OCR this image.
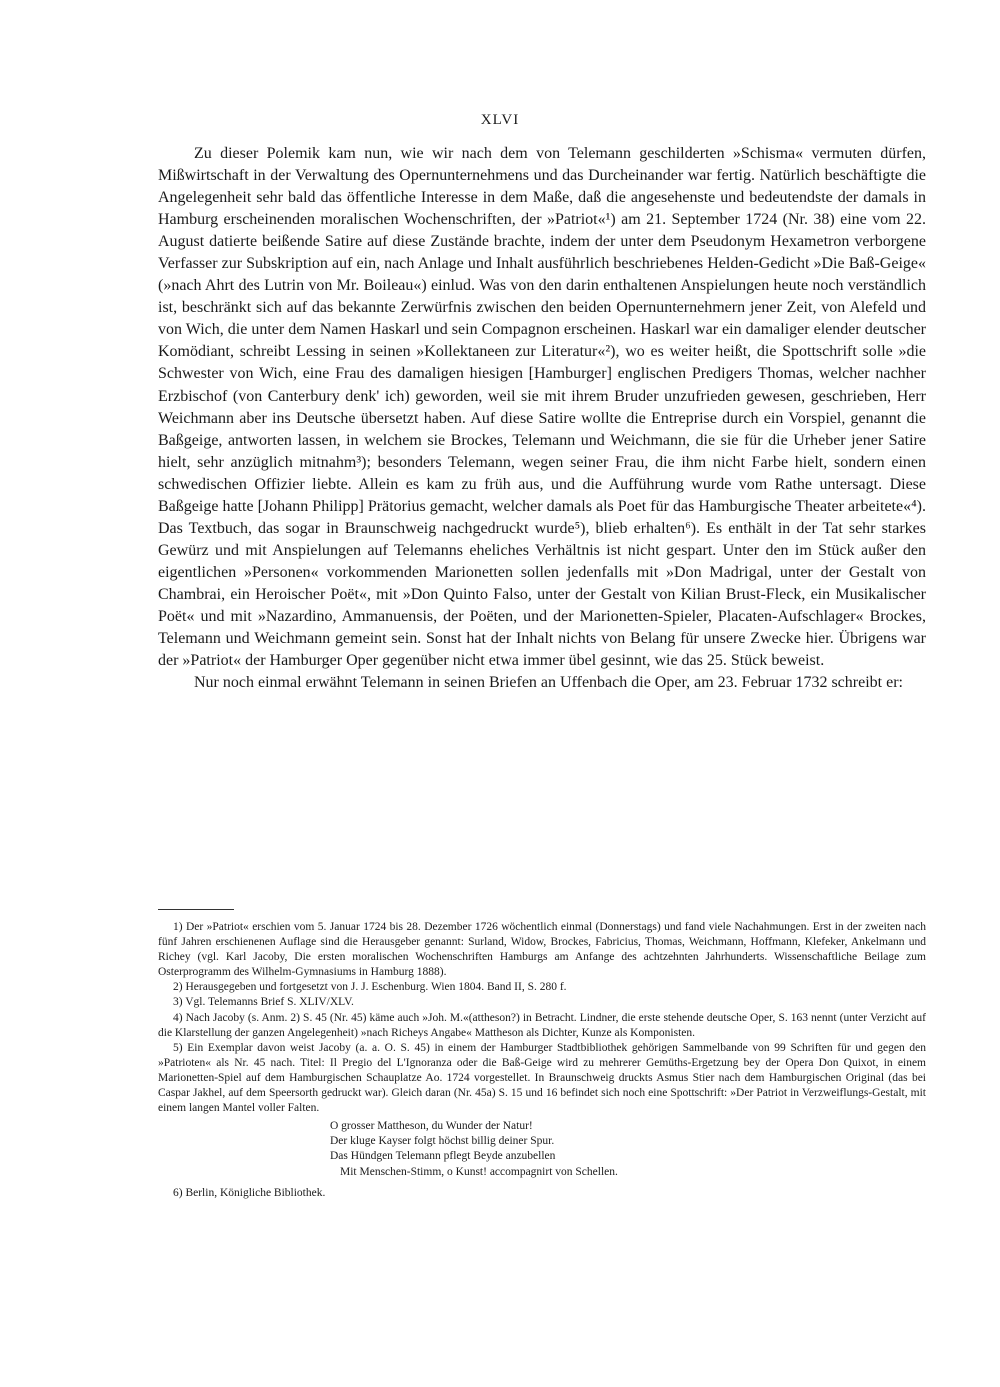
XLVI

Zu dieser Polemik kam nun, wie wir nach dem von Telemann geschilderten »Schisma« vermuten dürfen, Mißwirtschaft in der Verwaltung des Opernunternehmens und das Durcheinander war fertig. Natürlich beschäftigte die Angelegenheit sehr bald das öffentliche Interesse in dem Maße, daß die angesehenste und bedeutendste der damals in Hamburg erscheinenden moralischen Wochenschriften, der »Patriot«¹) am 21. September 1724 (Nr. 38) eine vom 22. August datierte beißende Satire auf diese Zustände brachte, indem der unter dem Pseudonym Hexametron verborgene Verfasser zur Subskription auf ein, nach Anlage und Inhalt ausführlich beschriebenes Helden-Gedicht »Die Baß-Geige« (»nach Ahrt des Lutrin von Mr. Boileau«) einlud. Was von den darin enthaltenen Anspielungen heute noch verständlich ist, beschränkt sich auf das bekannte Zerwürfnis zwischen den beiden Opernunternehmern jener Zeit, von Alefeld und von Wich, die unter dem Namen Haskarl und sein Compagnon erscheinen. Haskarl war ein damaliger elender deutscher Komödiant, schreibt Lessing in seinen »Kollektaneen zur Literatur«²), wo es weiter heißt, die Spottschrift solle »die Schwester von Wich, eine Frau des damaligen hiesigen [Hamburger] englischen Predigers Thomas, welcher nachher Erzbischof (von Canterbury denk' ich) geworden, weil sie mit ihrem Bruder unzufrieden gewesen, geschrieben, Herr Weichmann aber ins Deutsche übersetzt haben. Auf diese Satire wollte die Entreprise durch ein Vorspiel, genannt die Baßgeige, antworten lassen, in welchem sie Brockes, Telemann und Weichmann, die sie für die Urheber jener Satire hielt, sehr anzüglich mitnahm³); besonders Telemann, wegen seiner Frau, die ihm nicht Farbe hielt, sondern einen schwedischen Offizier liebte. Allein es kam zu früh aus, und die Aufführung wurde vom Rathe untersagt. Diese Baßgeige hatte [Johann Philipp] Prätorius gemacht, welcher damals als Poet für das Hamburgische Theater arbeitete«⁴). Das Textbuch, das sogar in Braunschweig nachgedruckt wurde⁵), blieb erhalten⁶). Es enthält in der Tat sehr starkes Gewürz und mit Anspielungen auf Telemanns eheliches Verhältnis ist nicht gespart. Unter den im Stück außer den eigentlichen »Personen« vorkommenden Marionetten sollen jedenfalls mit »Don Madrigal, unter der Gestalt von Chambrai, ein Heroischer Poët«, mit »Don Quinto Falso, unter der Gestalt von Kilian Brust-Fleck, ein Musikalischer Poët« und mit »Nazardino, Ammanuensis, der Poëten, und der Marionetten-Spieler, Placaten-Aufschlager« Brockes, Telemann und Weichmann gemeint sein. Sonst hat der Inhalt nichts von Belang für unsere Zwecke hier. Übrigens war der »Patriot« der Hamburger Oper gegenüber nicht etwa immer übel gesinnt, wie das 25. Stück beweist.

Nur noch einmal erwähnt Telemann in seinen Briefen an Uffenbach die Oper, am 23. Februar 1732 schreibt er:

1) Der »Patriot« erschien vom 5. Januar 1724 bis 28. Dezember 1726 wöchentlich einmal (Donnerstags) und fand viele Nachahmungen. Erst in der zweiten nach fünf Jahren erschienenen Auflage sind die Herausgeber genannt: Surland, Widow, Brockes, Fabricius, Thomas, Weichmann, Hoffmann, Klefeker, Ankelmann und Richey (vgl. Karl Jacoby, Die ersten moralischen Wochenschriften Hamburgs am Anfange des achtzehnten Jahrhunderts. Wissenschaftliche Beilage zum Osterprogramm des Wilhelm-Gymnasiums in Hamburg 1888).

2) Herausgegeben und fortgesetzt von J. J. Eschenburg. Wien 1804. Band II, S. 280 f.

3) Vgl. Telemanns Brief S. XLIV/XLV.

4) Nach Jacoby (s. Anm. 2) S. 45 (Nr. 45) käme auch »Joh. M.«(attheson?) in Betracht. Lindner, die erste stehende deutsche Oper, S. 163 nennt (unter Verzicht auf die Klarstellung der ganzen Angelegenheit) »nach Richeys Angabe« Mattheson als Dichter, Kunze als Komponisten.

5) Ein Exemplar davon weist Jacoby (a. a. O. S. 45) in einem der Hamburger Stadtbibliothek gehörigen Sammelbande von 99 Schriften für und gegen den »Patrioten« als Nr. 45 nach. Titel: Il Pregio del L'Ignoranza oder die Baß-Geige wird zu mehrerer Gemüths-Ergetzung bey der Opera Don Quixot, in einem Marionetten-Spiel auf dem Hamburgischen Schauplatze Ao. 1724 vorgestellet. In Braunschweig druckts Asmus Stier nach dem Hamburgischen Original (das bei Caspar Jakhel, auf dem Speersorth gedruckt war). Gleich daran (Nr. 45a) S. 15 und 16 befindet sich noch eine Spottschrift: »Der Patriot in Verzweiflungs-Gestalt, mit einem langen Mantel voller Falten.

O grosser Mattheson, du Wunder der Natur!
Der kluge Kayser folgt höchst billig deiner Spur.
Das Hündgen Telemann pflegt Beyde anzubellen
Mit Menschen-Stimm, o Kunst! accompagnirt von Schellen.

6) Berlin, Königliche Bibliothek.
